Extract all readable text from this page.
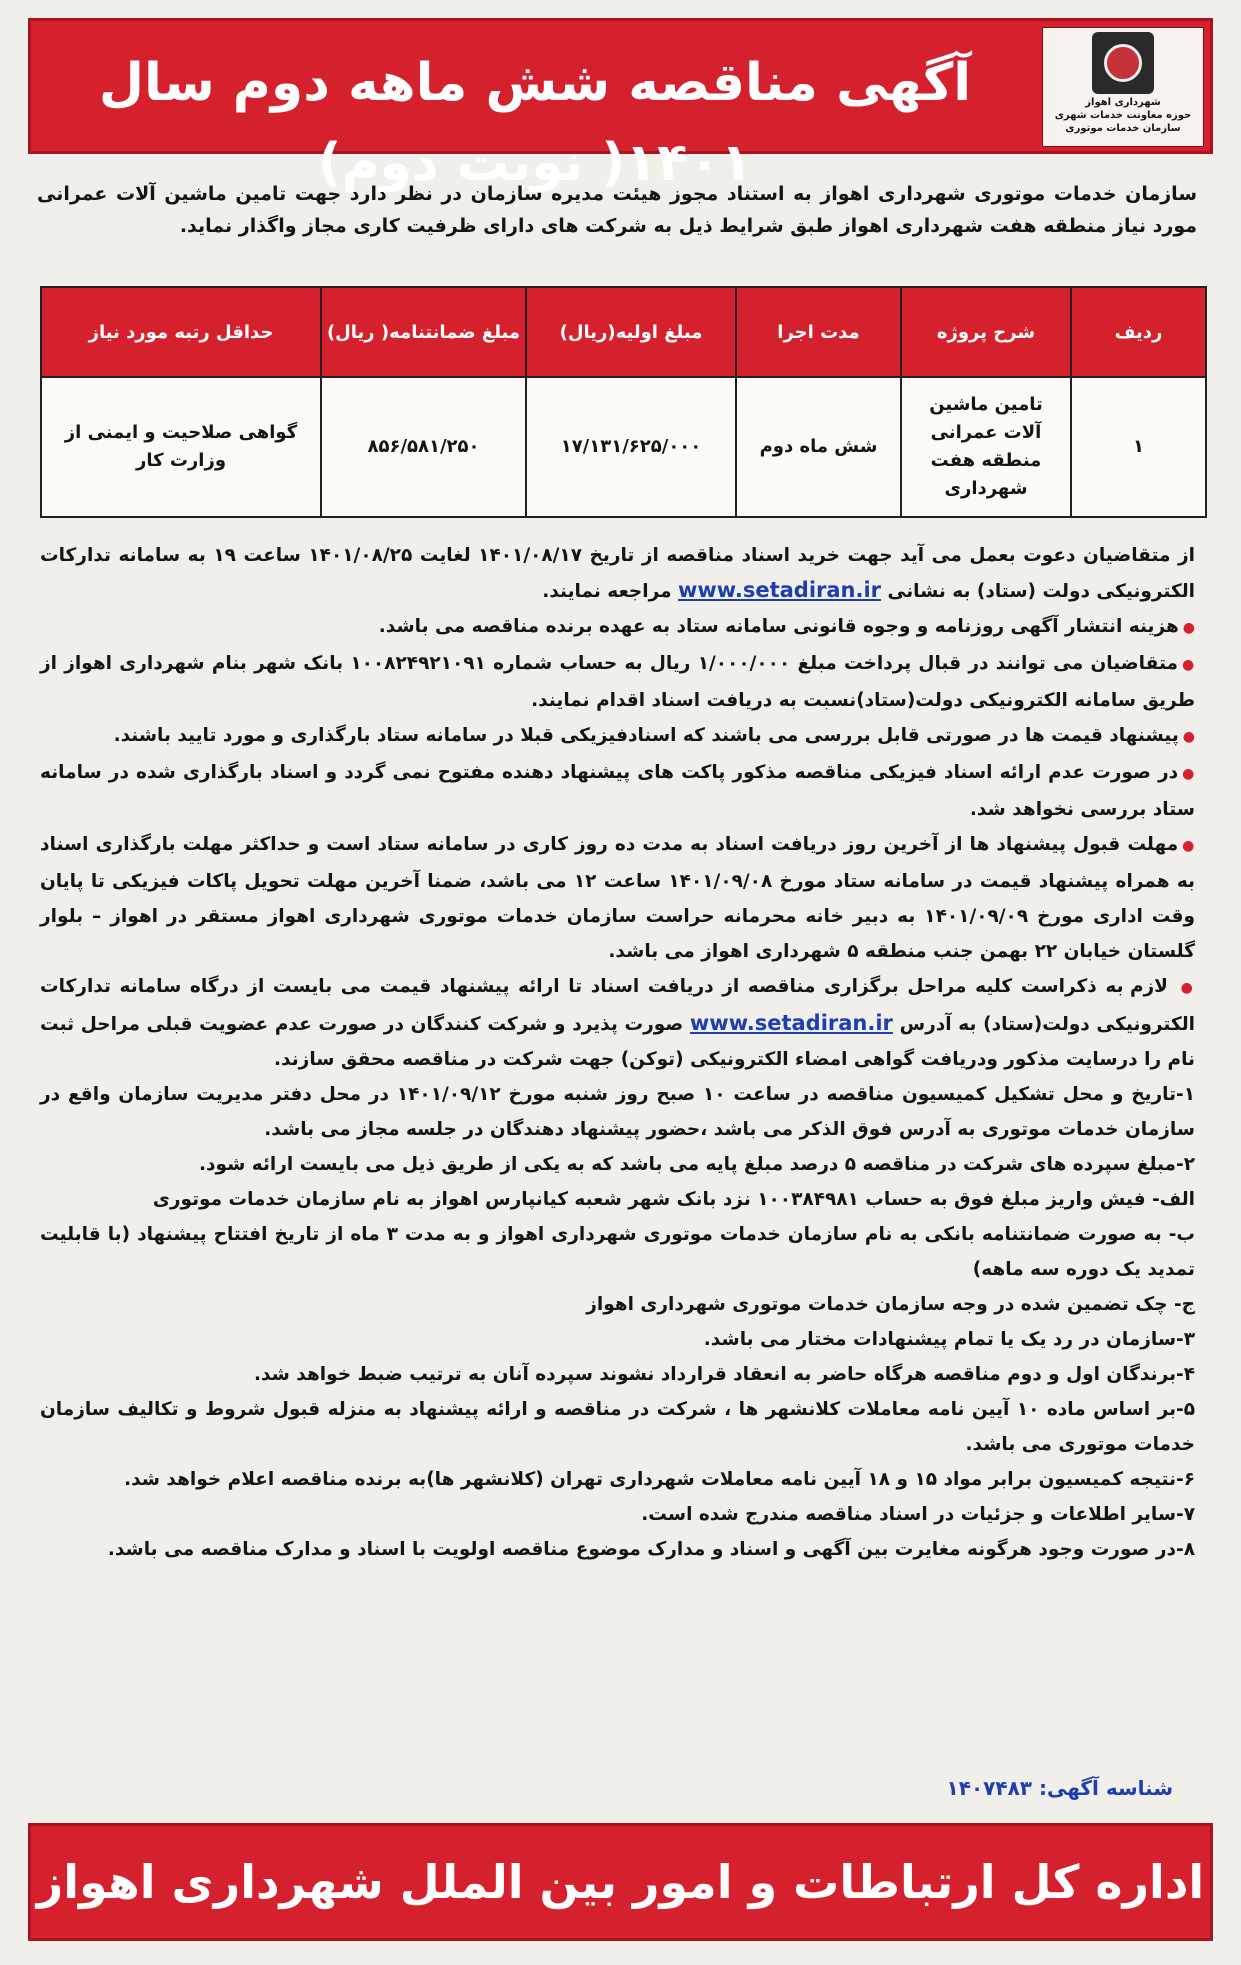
شهرداری اهواز
حوزه معاونت خدمات شهری
سازمان خدمات موتوری
آگهی مناقصه شش ماهه دوم سال ۱۴۰۱( نوبت دوم)
سازمان خدمات موتوری شهرداری اهواز به استناد مجوز هیئت مدیره سازمان در نظر دارد جهت تامین ماشین آلات عمرانی مورد نیاز منطقه هفت شهرداری اهواز طبق شرایط ذیل به شرکت های دارای ظرفیت کاری مجاز واگذار نماید.
ردیف	شرح پروژه	مدت اجرا	مبلغ اولیه(ریال)	مبلغ ضمانتنامه( ریال)	حداقل رتبه مورد نیاز
۱	تامین ماشین آلات عمرانی منطقه هفت شهرداری	شش ماه دوم	۱۷/۱۳۱/۶۲۵/۰۰۰	۸۵۶/۵۸۱/۲۵۰	گواهی صلاحیت و ایمنی از وزارت کار

از متقاضیان دعوت بعمل می آید جهت خرید اسناد مناقصه از تاریخ ۱۴۰۱/۰۸/۱۷ لغایت ۱۴۰۱/۰۸/۲۵ ساعت ۱۹ به سامانه تدارکات الکترونیکی دولت (ستاد) به نشانی www.setadiran.ir مراجعه نمایند.

● هزینه انتشار آگهی روزنامه و وجوه قانونی سامانه ستاد به عهده برنده مناقصه می باشد.

● متقاضیان می توانند در قبال پرداخت مبلغ ۱/۰۰۰/۰۰۰ ریال به حساب شماره ۱۰۰۸۲۴۹۲۱۰۹۱ بانک شهر بنام شهرداری اهواز از طریق سامانه الکترونیکی دولت(ستاد)نسبت به دریافت اسناد اقدام نمایند.

● پیشنهاد قیمت ها در صورتی قابل بررسی می باشند که اسنادفیزیکی قبلا در سامانه ستاد بارگذاری و مورد تایید باشند.

● در صورت عدم ارائه اسناد فیزیکی مناقصه مذکور پاکت های پیشنهاد دهنده مفتوح نمی گردد و اسناد بارگذاری شده در سامانه ستاد بررسی نخواهد شد.

● مهلت قبول پیشنهاد ها از آخرین روز دریافت اسناد به مدت ده روز کاری در سامانه ستاد است و حداکثر مهلت بارگذاری اسناد به همراه پیشنهاد قیمت در سامانه ستاد مورخ ۱۴۰۱/۰۹/۰۸ ساعت ۱۲ می باشد، ضمنا آخرین مهلت تحویل پاکات فیزیکی تا پایان وقت اداری مورخ ۱۴۰۱/۰۹/۰۹ به دبیر خانه محرمانه حراست سازمان خدمات موتوری شهرداری اهواز مستقر در اهواز – بلوار گلستان خیابان ۲۲ بهمن جنب منطقه ۵ شهرداری اهواز می باشد.

● لازم به ذکراست کلیه مراحل برگزاری مناقصه از دریافت اسناد تا ارائه پیشنهاد قیمت می بایست از درگاه سامانه تدارکات الکترونیکی دولت(ستاد) به آدرس www.setadiran.ir صورت پذیرد و شرکت کنندگان در صورت عدم عضویت قبلی مراحل ثبت نام را درسایت مذکور ودریافت گواهی امضاء الکترونیکی (توکن) جهت شرکت در مناقصه محقق سازند.

۱-تاریخ و محل تشکیل کمیسیون مناقصه در ساعت ۱۰ صبح روز شنبه مورخ ۱۴۰۱/۰۹/۱۲ در محل دفتر مدیریت سازمان واقع در سازمان خدمات موتوری به آدرس فوق الذکر می باشد ،حضور پیشنهاد دهندگان در جلسه مجاز می باشد.

۲-مبلغ سپرده های شرکت در مناقصه ۵ درصد مبلغ پایه می باشد که به یکی از طریق ذیل می بایست ارائه شود.

الف- فیش واریز مبلغ فوق به حساب ۱۰۰۳۸۴۹۸۱ نزد بانک شهر شعبه کیانپارس اهواز به نام سازمان خدمات موتوری

ب- به صورت ضمانتنامه بانکی به نام سازمان خدمات موتوری شهرداری اهواز و به مدت ۳ ماه از تاریخ افتتاح پیشنهاد (با قابلیت تمدید یک دوره سه ماهه)

ج- چک تضمین شده در وجه سازمان خدمات موتوری شهرداری اهواز

۳-سازمان در رد یک یا تمام پیشنهادات مختار می باشد.

۴-برندگان اول و دوم مناقصه هرگاه حاضر به انعقاد قرارداد نشوند سپرده آنان به ترتیب ضبط خواهد شد.

۵-بر اساس ماده ۱۰ آیین نامه معاملات کلانشهر ها ، شرکت در مناقصه و ارائه پیشنهاد به منزله قبول شروط و تکالیف سازمان خدمات موتوری می باشد.

۶-نتیجه کمیسیون برابر مواد ۱۵ و ۱۸ آیین نامه معاملات شهرداری تهران (کلانشهر ها)به برنده مناقصه اعلام خواهد شد.

۷-سایر اطلاعات و جزئیات در اسناد مناقصه مندرج شده است.

۸-در صورت وجود هرگونه مغایرت بین آگهی و اسناد و مدارک موضوع مناقصه اولویت با اسناد و مدارک مناقصه می باشد.

شناسه آگهی: ۱۴۰۷۴۸۳
اداره کل ارتباطات و امور بین الملل شهرداری اهواز
